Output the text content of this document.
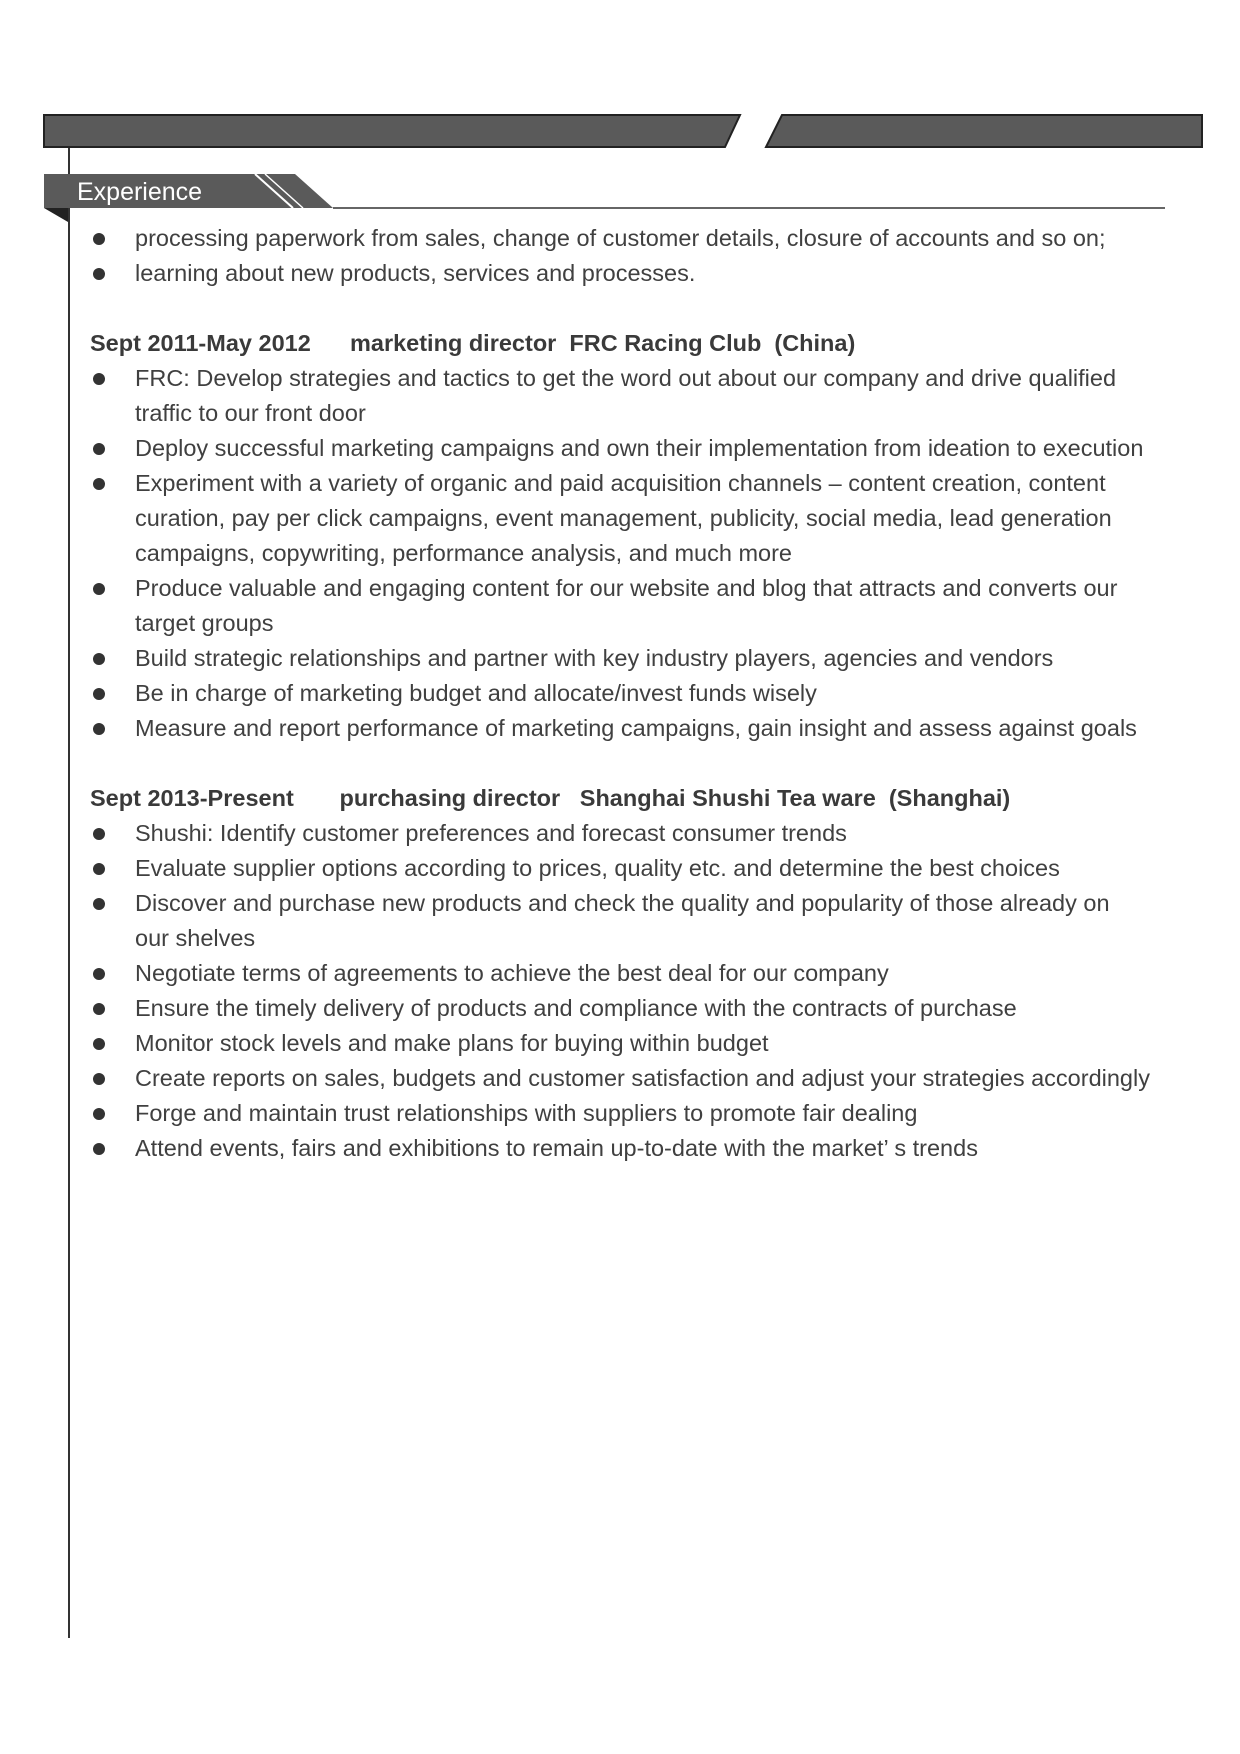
Experience
processing paperwork from sales, change of customer details, closure of accounts and so on;
learning about new products, services and processes.
Sept 2011-May 2012 marketing director FRC Racing Club (China)
FRC: Develop strategies and tactics to get the word out about our company and drive qualified traffic to our front door
Deploy successful marketing campaigns and own their implementation from ideation to execution
Experiment with a variety of organic and paid acquisition channels – content creation, content curation, pay per click campaigns, event management, publicity, social media, lead generation campaigns, copywriting, performance analysis, and much more
Produce valuable and engaging content for our website and blog that attracts and converts our target groups
Build strategic relationships and partner with key industry players, agencies and vendors
Be in charge of marketing budget and allocate/invest funds wisely
Measure and report performance of marketing campaigns, gain insight and assess against goals
Sept 2013-Present purchasing director Shanghai Shushi Tea ware (Shanghai)
Shushi: Identify customer preferences and forecast consumer trends
Evaluate supplier options according to prices, quality etc. and determine the best choices
Discover and purchase new products and check the quality and popularity of those already on our shelves
Negotiate terms of agreements to achieve the best deal for our company
Ensure the timely delivery of products and compliance with the contracts of purchase
Monitor stock levels and make plans for buying within budget
Create reports on sales, budgets and customer satisfaction and adjust your strategies accordingly
Forge and maintain trust relationships with suppliers to promote fair dealing
Attend events, fairs and exhibitions to remain up-to-date with the market’ s trends
